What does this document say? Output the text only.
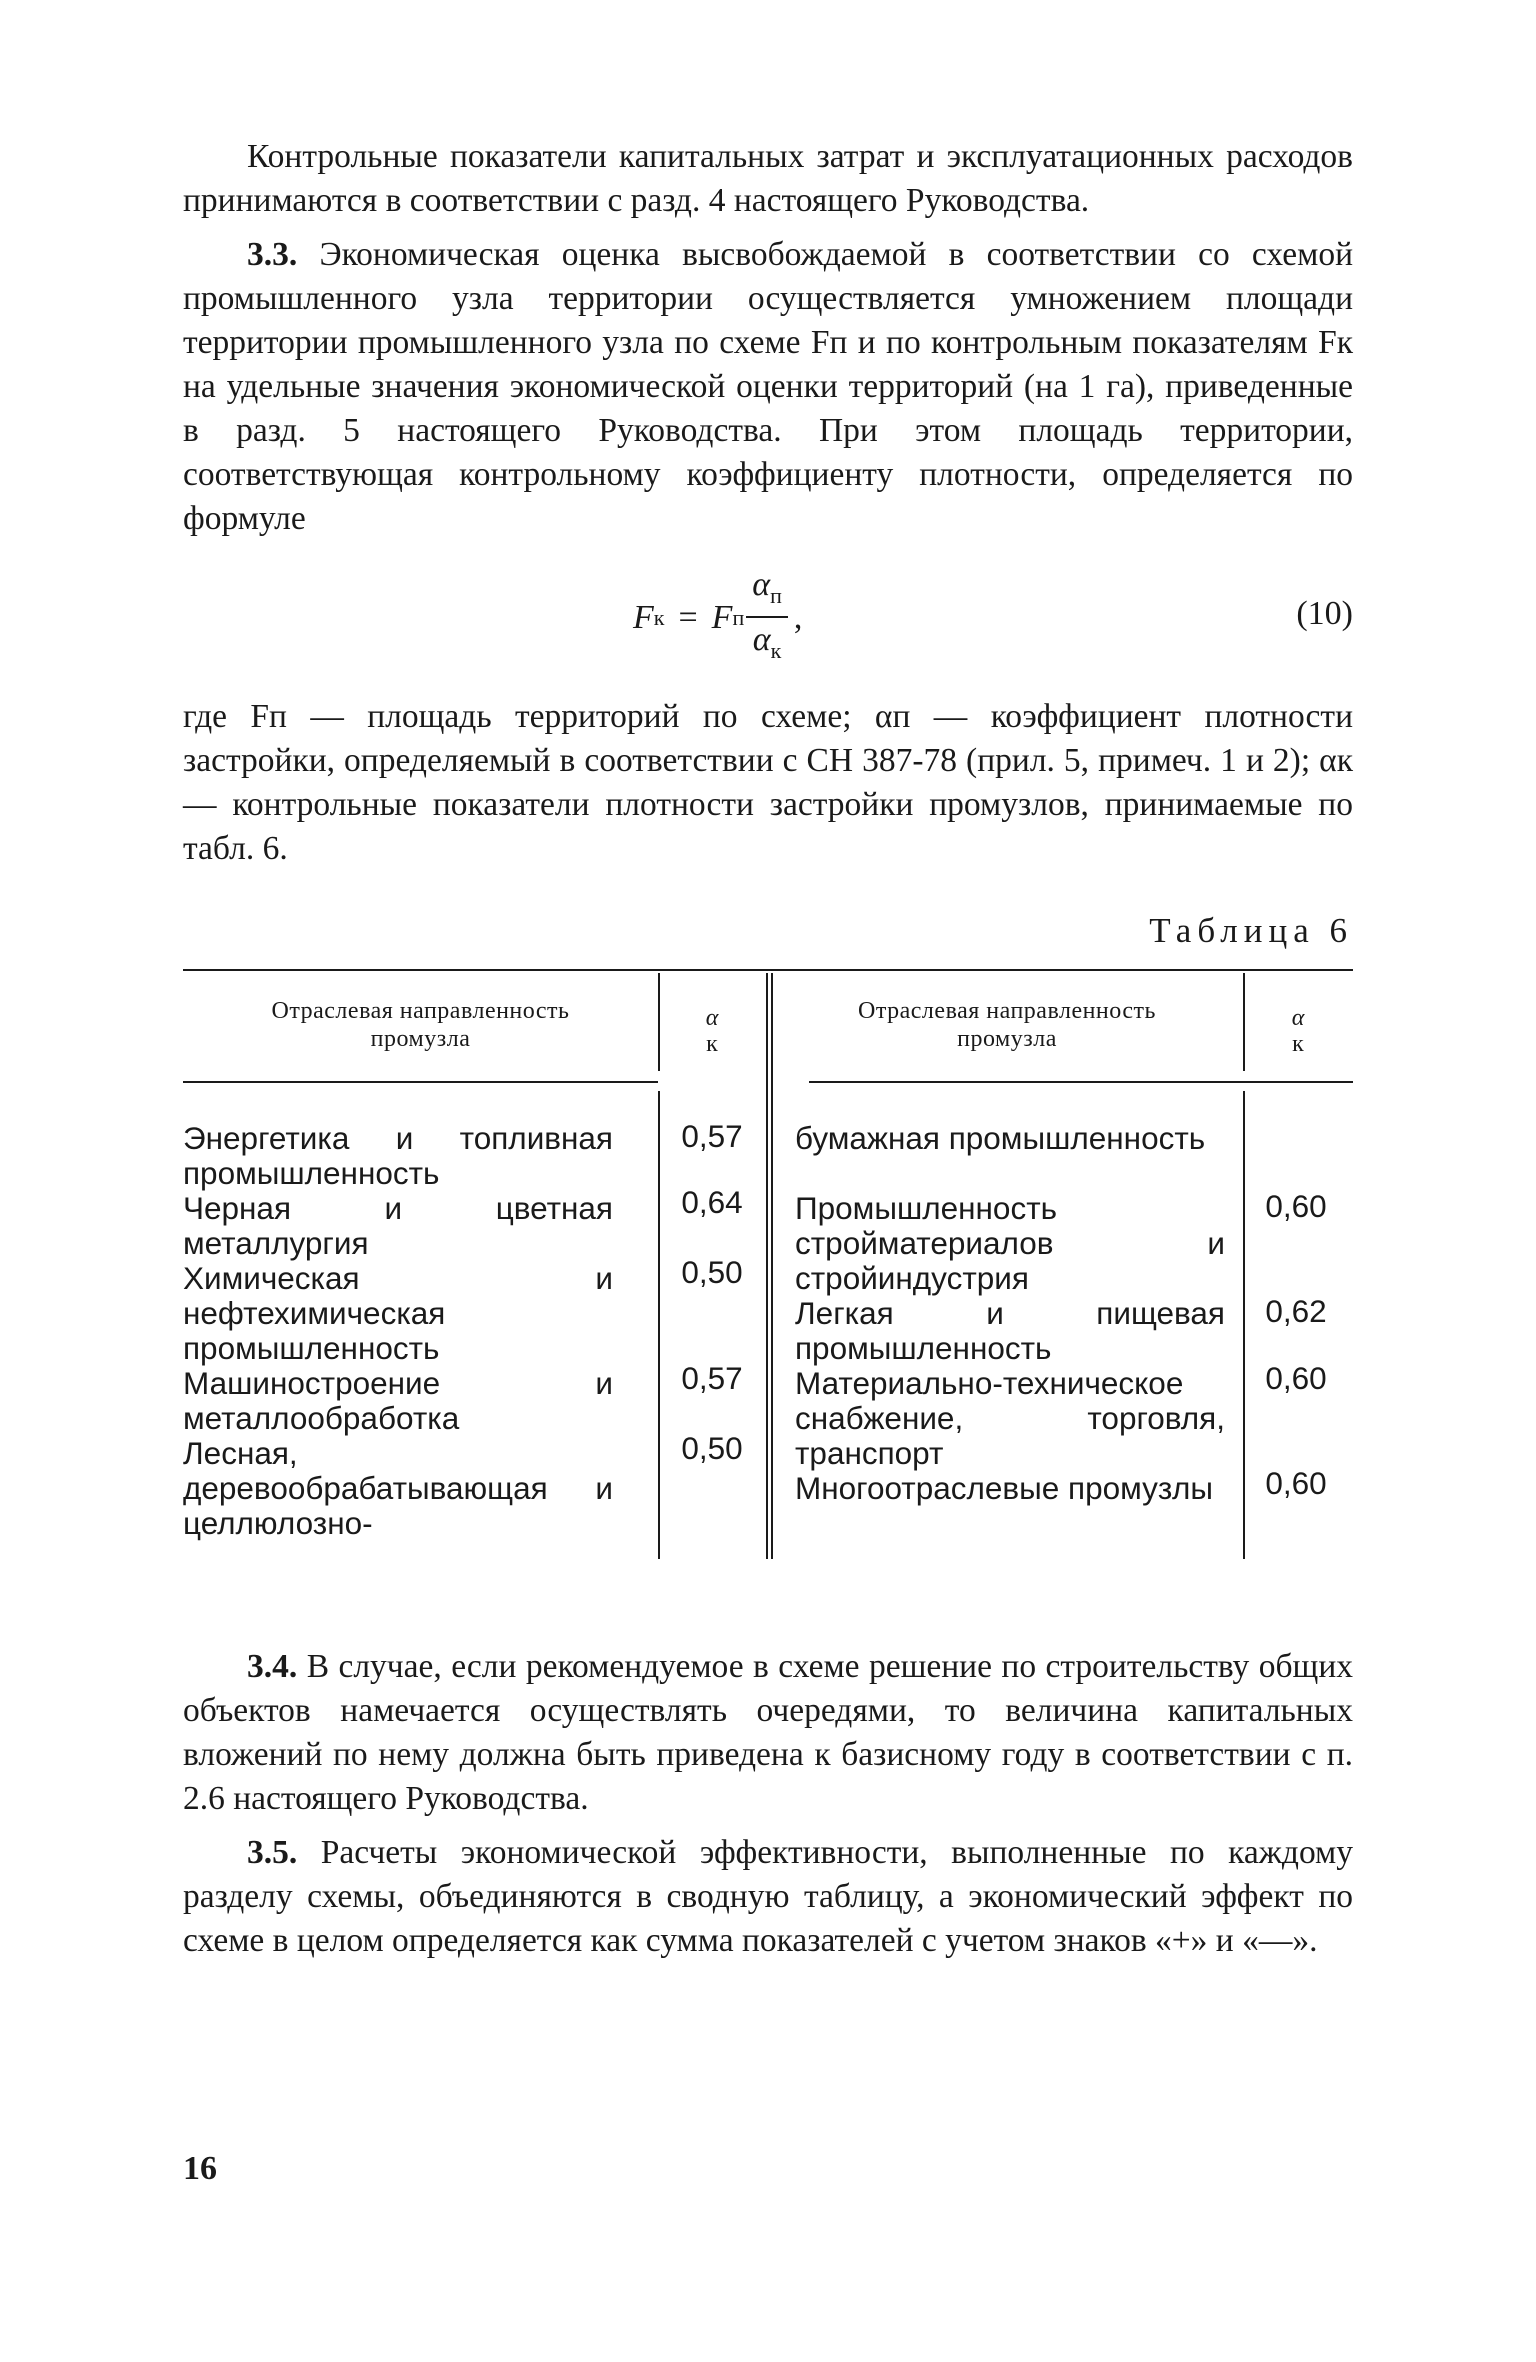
Контрольные показатели капитальных затрат и эксплуатационных расходов принимаются в соответствии с разд. 4 настоящего Руководства.

3.3. Экономическая оценка высвобождаемой в соответствии со схемой промышленного узла территории осуществляется умножением площади территории промышленного узла по схеме Fп и по контрольным показателям Fк на удельные значения экономической оценки территорий (на 1 га), приведенные в разд. 5 настоящего Руководства. При этом площадь территории, соответствующая контрольному коэффициенту плотности, определяется по формуле

F к = F п $\frac{\alpha_п}{\alpha_к}$ ,	(10)

где Fп — площадь территорий по схеме; αп — коэффициент плотности застройки, определяемый в соответствии с СН 387-78 (прил. 5, примеч. 1 и 2); αк — контрольные показатели плотности застройки промузлов, принимаемые по табл. 6.

Таблица 6
Отраслевая направленность
промузла
α
к
Отраслевая направленность
промузла
α
к
Энергетика и топливная промышленность
0,57
Черная и цветная металлургия
0,64
Химическая и нефтехимическая промышленность
0,50
Машиностроение и металлообработка
0,57
Лесная, деревообрабатывающая и целлюлозно-
0,50
бумажная промышленность
Промышленность стройматериалов и стройиндустрия
0,60
Легкая и пищевая промышленность
0,62
Материально-техническое снабжение, торговля, транспорт
0,60
Многоотраслевые промузлы	0,60

3.4. В случае, если рекомендуемое в схеме решение по строительству общих объектов намечается осуществлять очередями, то величина капитальных вложений по нему должна быть приведена к базисному году в соответствии с п. 2.6 настоящего Руководства.

3.5. Расчеты экономической эффективности, выполненные по каждому разделу схемы, объединяются в сводную таблицу, а экономический эффект по схеме в целом определяется как сумма показателей с учетом знаков «+» и «—».

16
